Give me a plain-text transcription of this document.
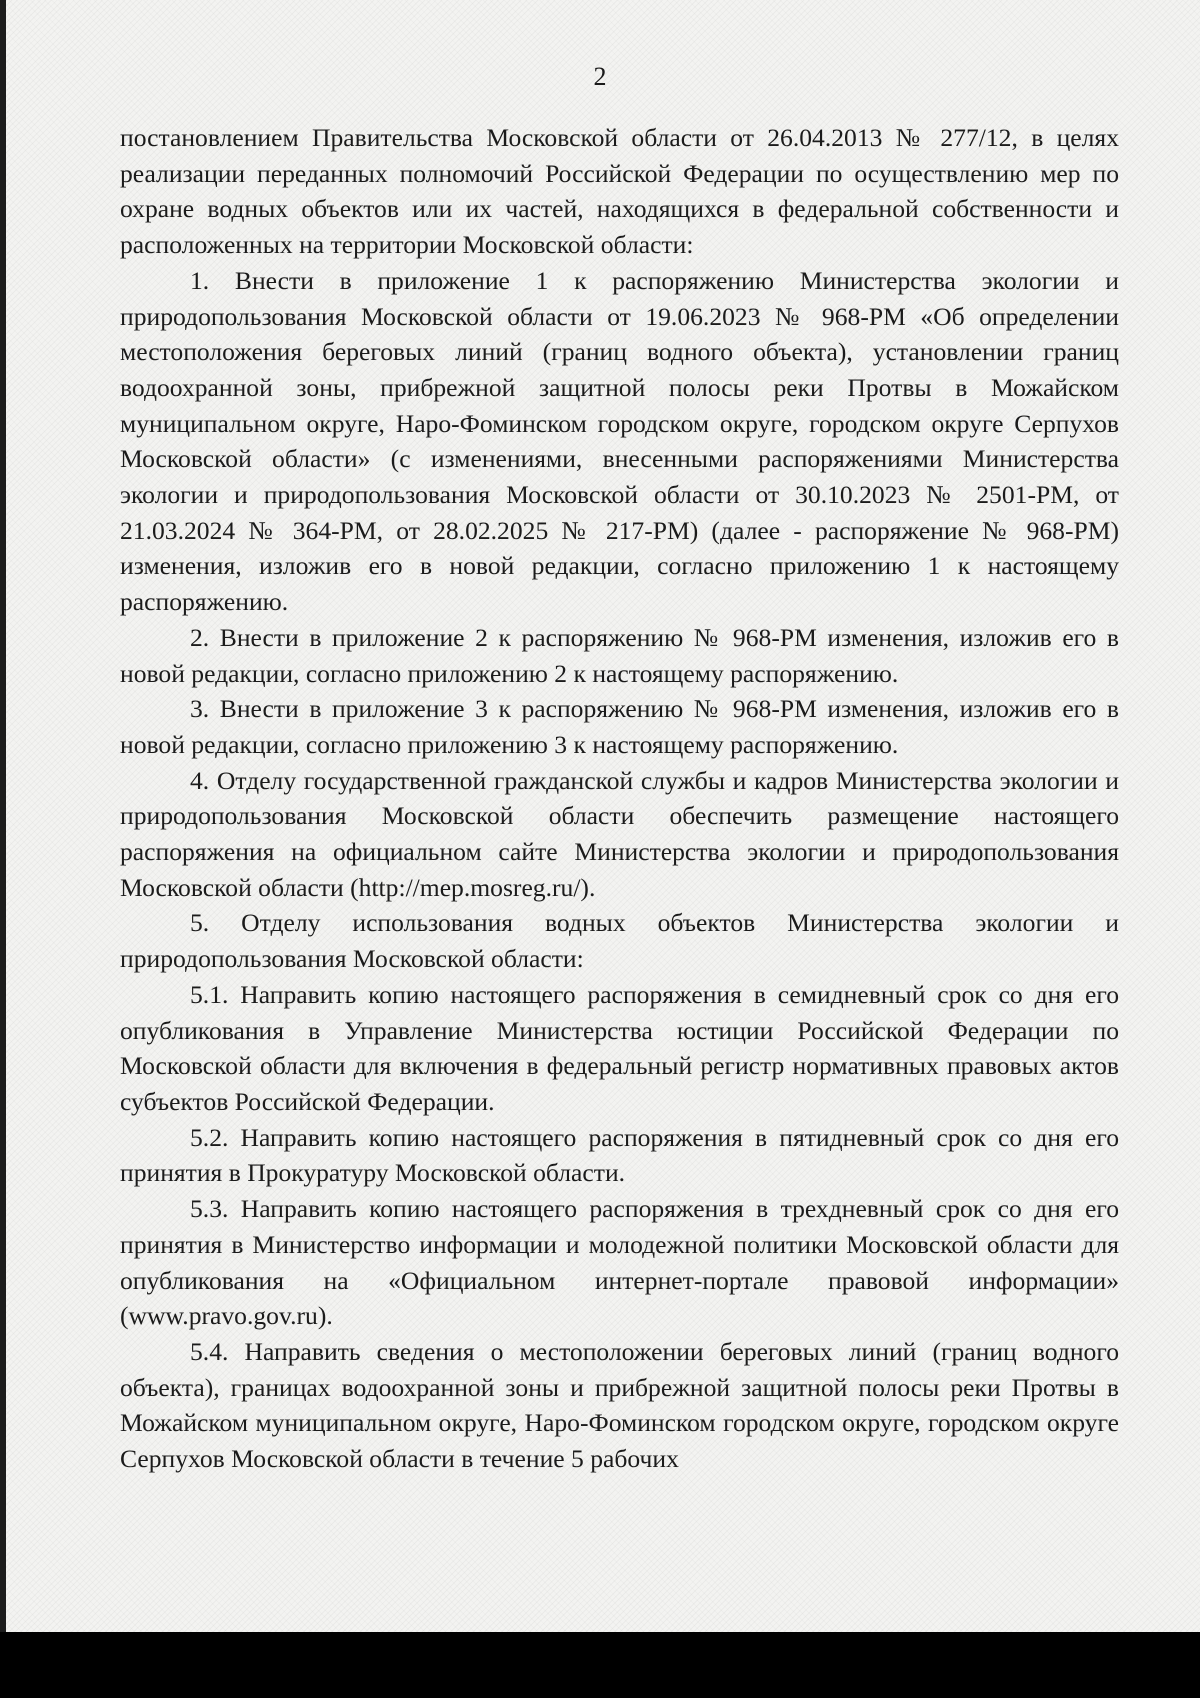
2

постановлением Правительства Московской области от 26.04.2013 № 277/12, в целях реализации переданных полномочий Российской Федерации по осуществлению мер по охране водных объектов или их частей, находящихся в федеральной собственности и расположенных на территории Московской области:

1. Внести в приложение 1 к распоряжению Министерства экологии и природопользования Московской области от 19.06.2023 № 968-РМ «Об определении местоположения береговых линий (границ водного объекта), установлении границ водоохранной зоны, прибрежной защитной полосы реки Протвы в Можайском муниципальном округе, Наро-Фоминском городском округе, городском округе Серпухов Московской области» (с изменениями, внесенными распоряжениями Министерства экологии и природопользования Московской области от 30.10.2023 № 2501-РМ, от 21.03.2024 № 364-РМ, от 28.02.2025 № 217-РМ) (далее - распоряжение № 968-РМ) изменения, изложив его в новой редакции, согласно приложению 1 к настоящему распоряжению.

2. Внести в приложение 2 к распоряжению № 968-РМ изменения, изложив его в новой редакции, согласно приложению 2 к настоящему распоряжению.

3. Внести в приложение 3 к распоряжению № 968-РМ изменения, изложив его в новой редакции, согласно приложению 3 к настоящему распоряжению.

4. Отделу государственной гражданской службы и кадров Министерства экологии и природопользования Московской области обеспечить размещение настоящего распоряжения на официальном сайте Министерства экологии и природопользования Московской области (http://mep.mosreg.ru/).

5. Отделу использования водных объектов Министерства экологии и природопользования Московской области:

5.1. Направить копию настоящего распоряжения в семидневный срок со дня его опубликования в Управление Министерства юстиции Российской Федерации по Московской области для включения в федеральный регистр нормативных правовых актов субъектов Российской Федерации.

5.2. Направить копию настоящего распоряжения в пятидневный срок со дня его принятия в Прокуратуру Московской области.

5.3. Направить копию настоящего распоряжения в трехдневный срок со дня его принятия в Министерство информации и молодежной политики Московской области для опубликования на «Официальном интернет-портале правовой информации» (www.pravo.gov.ru).

5.4. Направить сведения о местоположении береговых линий (границ водного объекта), границах водоохранной зоны и прибрежной защитной полосы реки Протвы в Можайском муниципальном округе, Наро-Фоминском городском округе, городском округе Серпухов Московской области в течение 5 рабочих
